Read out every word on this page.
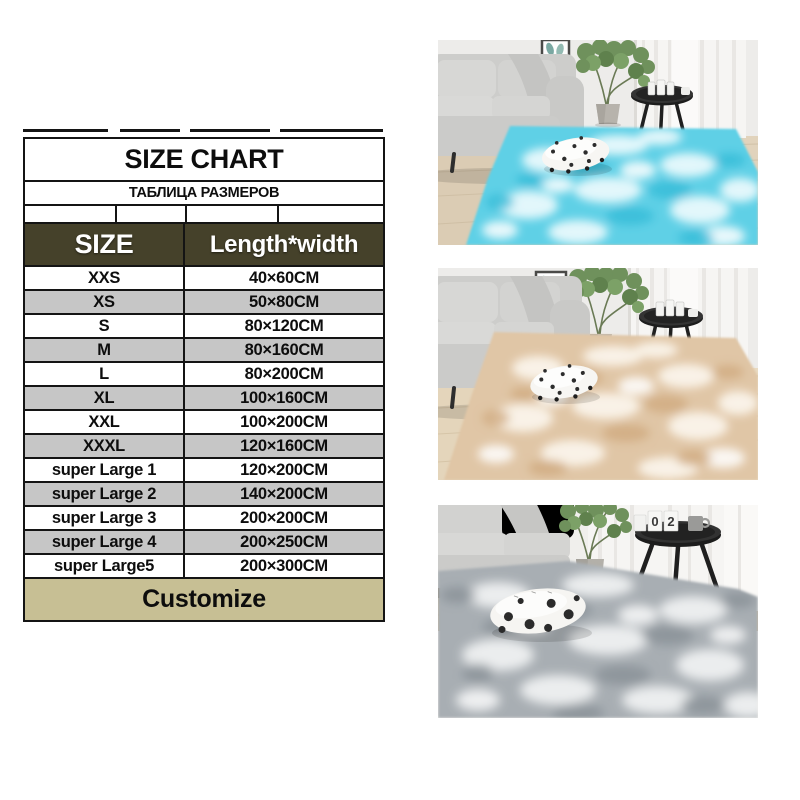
SIZE CHART	
ТАБЛИЦА РАЗМЕРОВ	

SIZE	Length*width
XXS	40×60CM
XS	50×80CM
S	80×120CM
M	80×160CM
L	80×200CM
XL	100×160CM
XXL	100×200CM
XXXL	120×160CM
super Large 1	120×200CM
super Large 2	140×200CM
super Large 3	200×200CM
super Large 4	200×250CM
super Large5	200×300CM
Customize	
0 2
